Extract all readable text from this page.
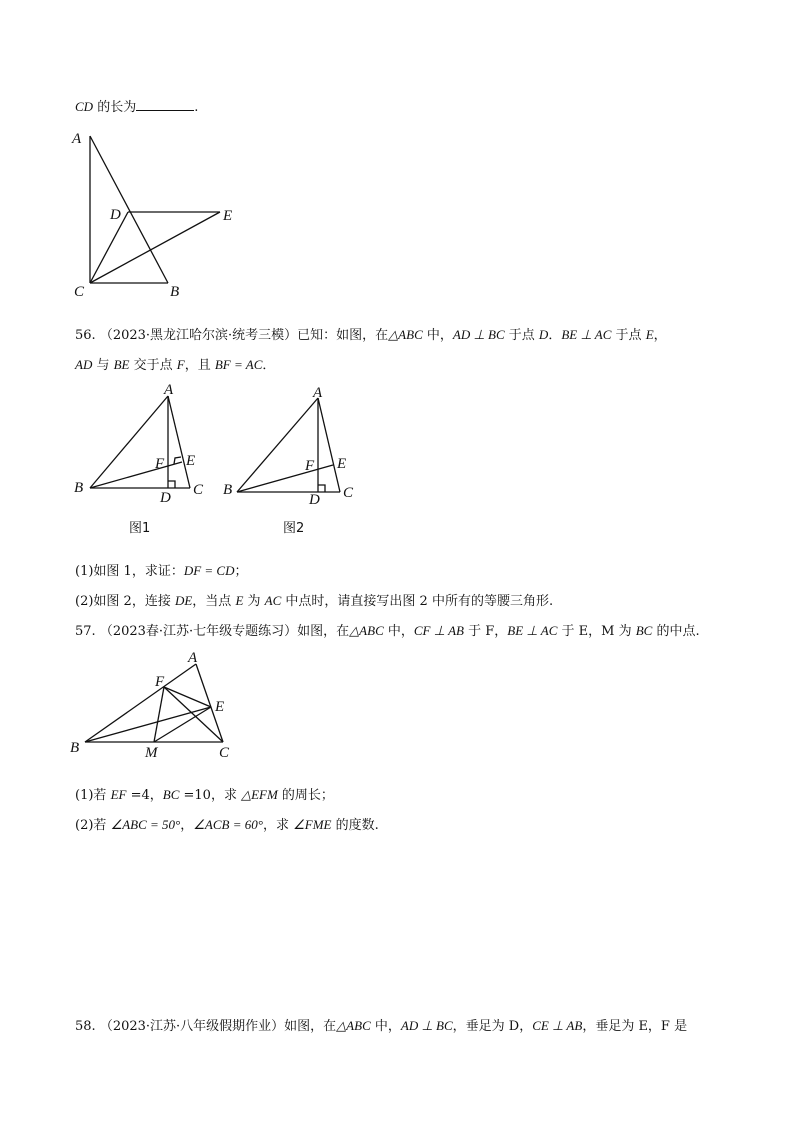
CD 的长为	.
A
D	E
C	B
A
F E
B
D C
图1
A
F E
B
D C
图2
A
F
E
B	M	C
56. （2023·黑龙江哈尔滨·统考三模）已知：如图，在△ABC 中，AD ⊥ BC 于点 D．BE ⊥ AC 于点 E，
AD 与 BE 交于点 F，且 BF = AC．
(1)如图 1，求证：DF = CD；
(2)如图 2，连接 DE，当点 E 为 AC 中点时，请直接写出图 2 中所有的等腰三角形.
57. （2023春·江苏·七年级专题练习）如图，在△ABC 中，CF ⊥ AB 于 F，BE ⊥ AC 于 E，M 为 BC 的中点.
(1)若 EF =4，BC =10，求 △EFM 的周长；
(2)若 ∠ABC = 50°，∠ACB = 60°，求 ∠FME 的度数.
58. （2023·江苏·八年级假期作业）如图，在△ABC 中，AD ⊥ BC，垂足为 D，CE ⊥ AB，垂足为 E，F 是
